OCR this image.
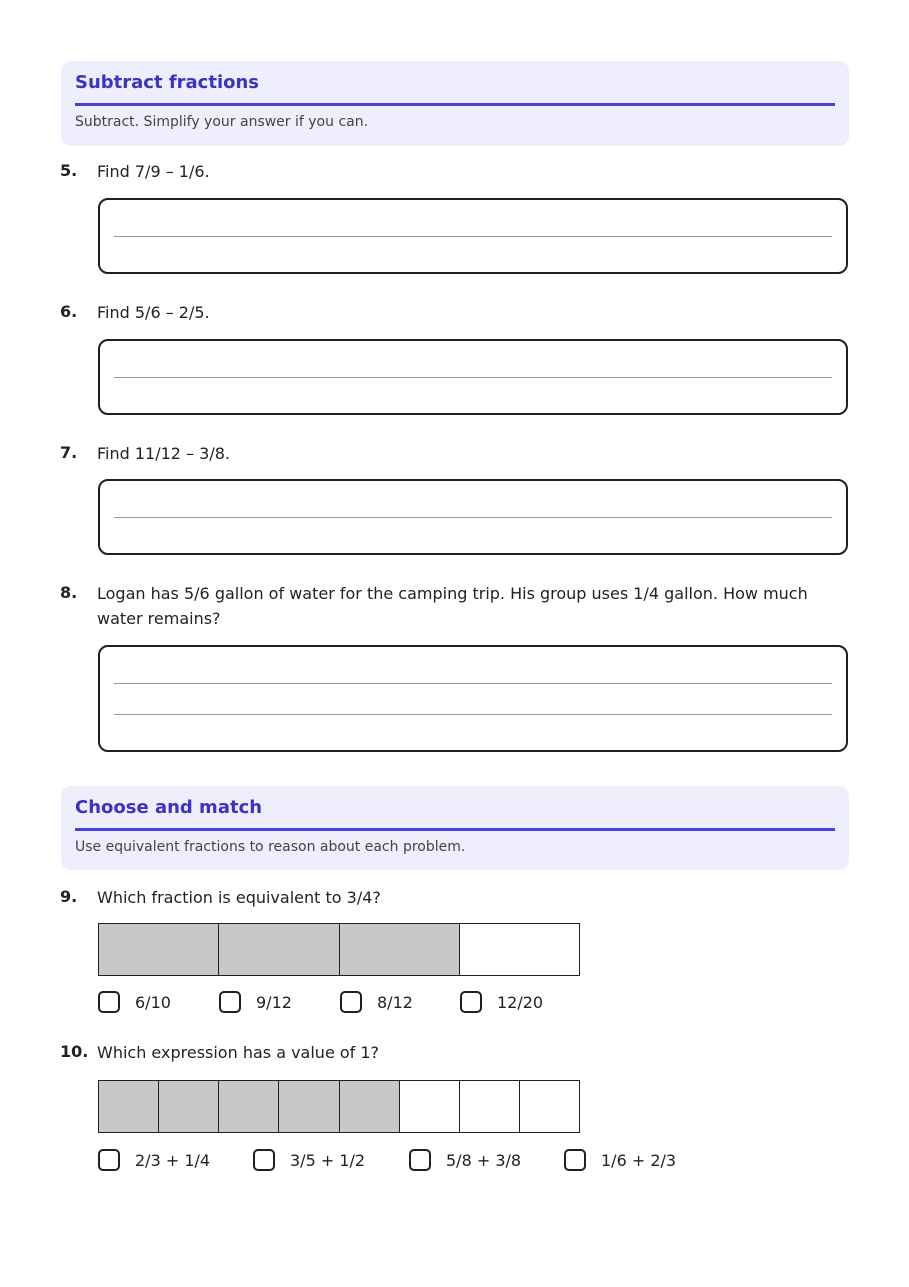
Subtract fractions
Subtract. Simplify your answer if you can.
5. Find 7/9 – 1/6.
6. Find 5/6 – 2/5.
7. Find 11/12 – 3/8.
8. Logan has 5/6 gallon of water for the camping trip. His group uses 1/4 gallon. How much water remains?
Choose and match
Use equivalent fractions to reason about each problem.
9. Which fraction is equivalent to 3/4?
6/10	9/12	8/12	12/20
10. Which expression has a value of 1?
2/3 + 1/4	3/5 + 1/2	5/8 + 3/8	1/6 + 2/3
